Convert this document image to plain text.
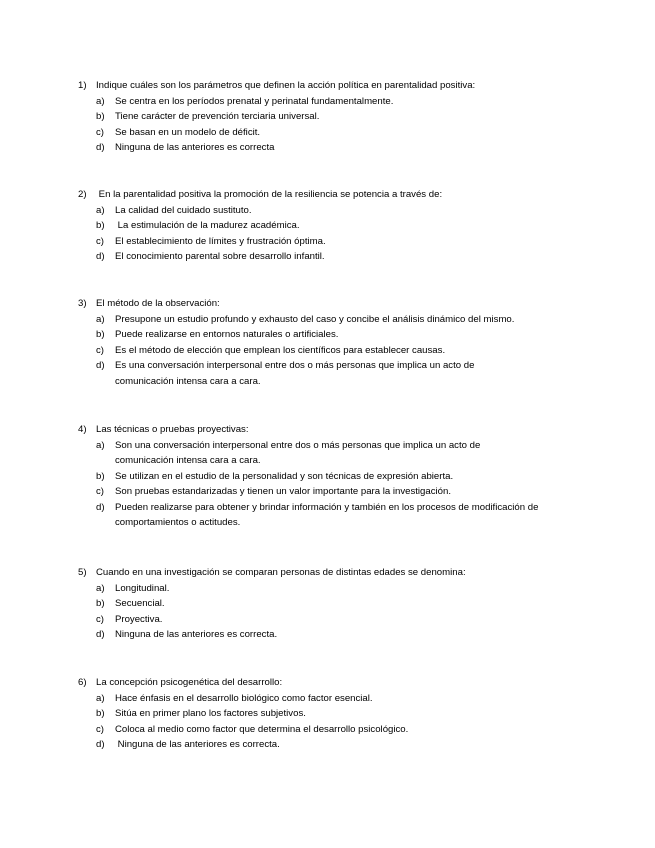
1) Indique cuáles son los parámetros que definen la acción política en parentalidad positiva:
a)	Se centra en los períodos prenatal y perinatal fundamentalmente.
b)	Tiene carácter de prevención terciaria universal.
c)	Se basan en un modelo de déficit.
d)	Ninguna de las anteriores es correcta
2) En la parentalidad positiva la promoción de la resiliencia se potencia a través de:
a)	La calidad del cuidado sustituto.
b)	La estimulación de la madurez académica.
c)	El establecimiento de límites y frustración óptima.
d)	El conocimiento parental sobre desarrollo infantil.
3) El método de la observación:
a)	Presupone un estudio profundo y exhausto del caso y concibe el análisis dinámico del mismo.
b)	Puede realizarse en entornos naturales o artificiales.
c)	Es el método de elección que emplean los científicos para establecer causas.
d)	Es una conversación interpersonal entre dos o más personas que implica un acto de comunicación intensa cara a cara.
4) Las técnicas o pruebas proyectivas:
a)	Son una conversación interpersonal entre dos o más personas que implica un acto de comunicación intensa cara a cara.
b)	Se utilizan en el estudio de la personalidad y son técnicas de expresión abierta.
c)	Son pruebas estandarizadas y tienen un valor importante para la investigación.
d)	Pueden realizarse para obtener y brindar información y también en los procesos de modificación de comportamientos o actitudes.
5) Cuando en una investigación se comparan personas de distintas edades se denomina:
a)	Longitudinal.
b)	Secuencial.
c)	Proyectiva.
d)	Ninguna de las anteriores es correcta.
6) La concepción psicogenética del desarrollo:
a)	Hace énfasis en el desarrollo biológico como factor esencial.
b)	Sitúa en primer plano los factores subjetivos.
c)	Coloca al medio como factor que determina el desarrollo psicológico.
d)	Ninguna de las anteriores es correcta.
